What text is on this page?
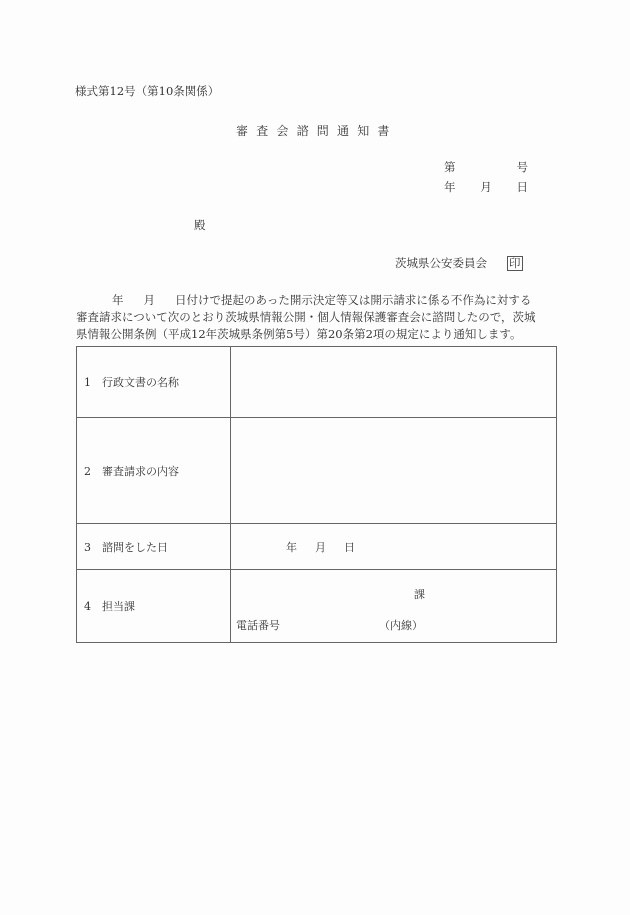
様式第12号（第10条関係）
審査会諮問通知書
第	号
年 月 日
殿
茨城県公安委員会 印

年 月 日付けで提起のあった開示決定等又は開示請求に係る不作為に対する

審査請求について次のとおり茨城県情報公開・個人情報保護審査会に諮問したので，茨城

県情報公開条例（平成12年茨城県条例第5号）第20条第2項の規定により通知します。

1 行政文書の名称	
2 審査請求の内容	
3 諮問をした日	年 月 日
4 担当課	課
電話番号 （内線）
